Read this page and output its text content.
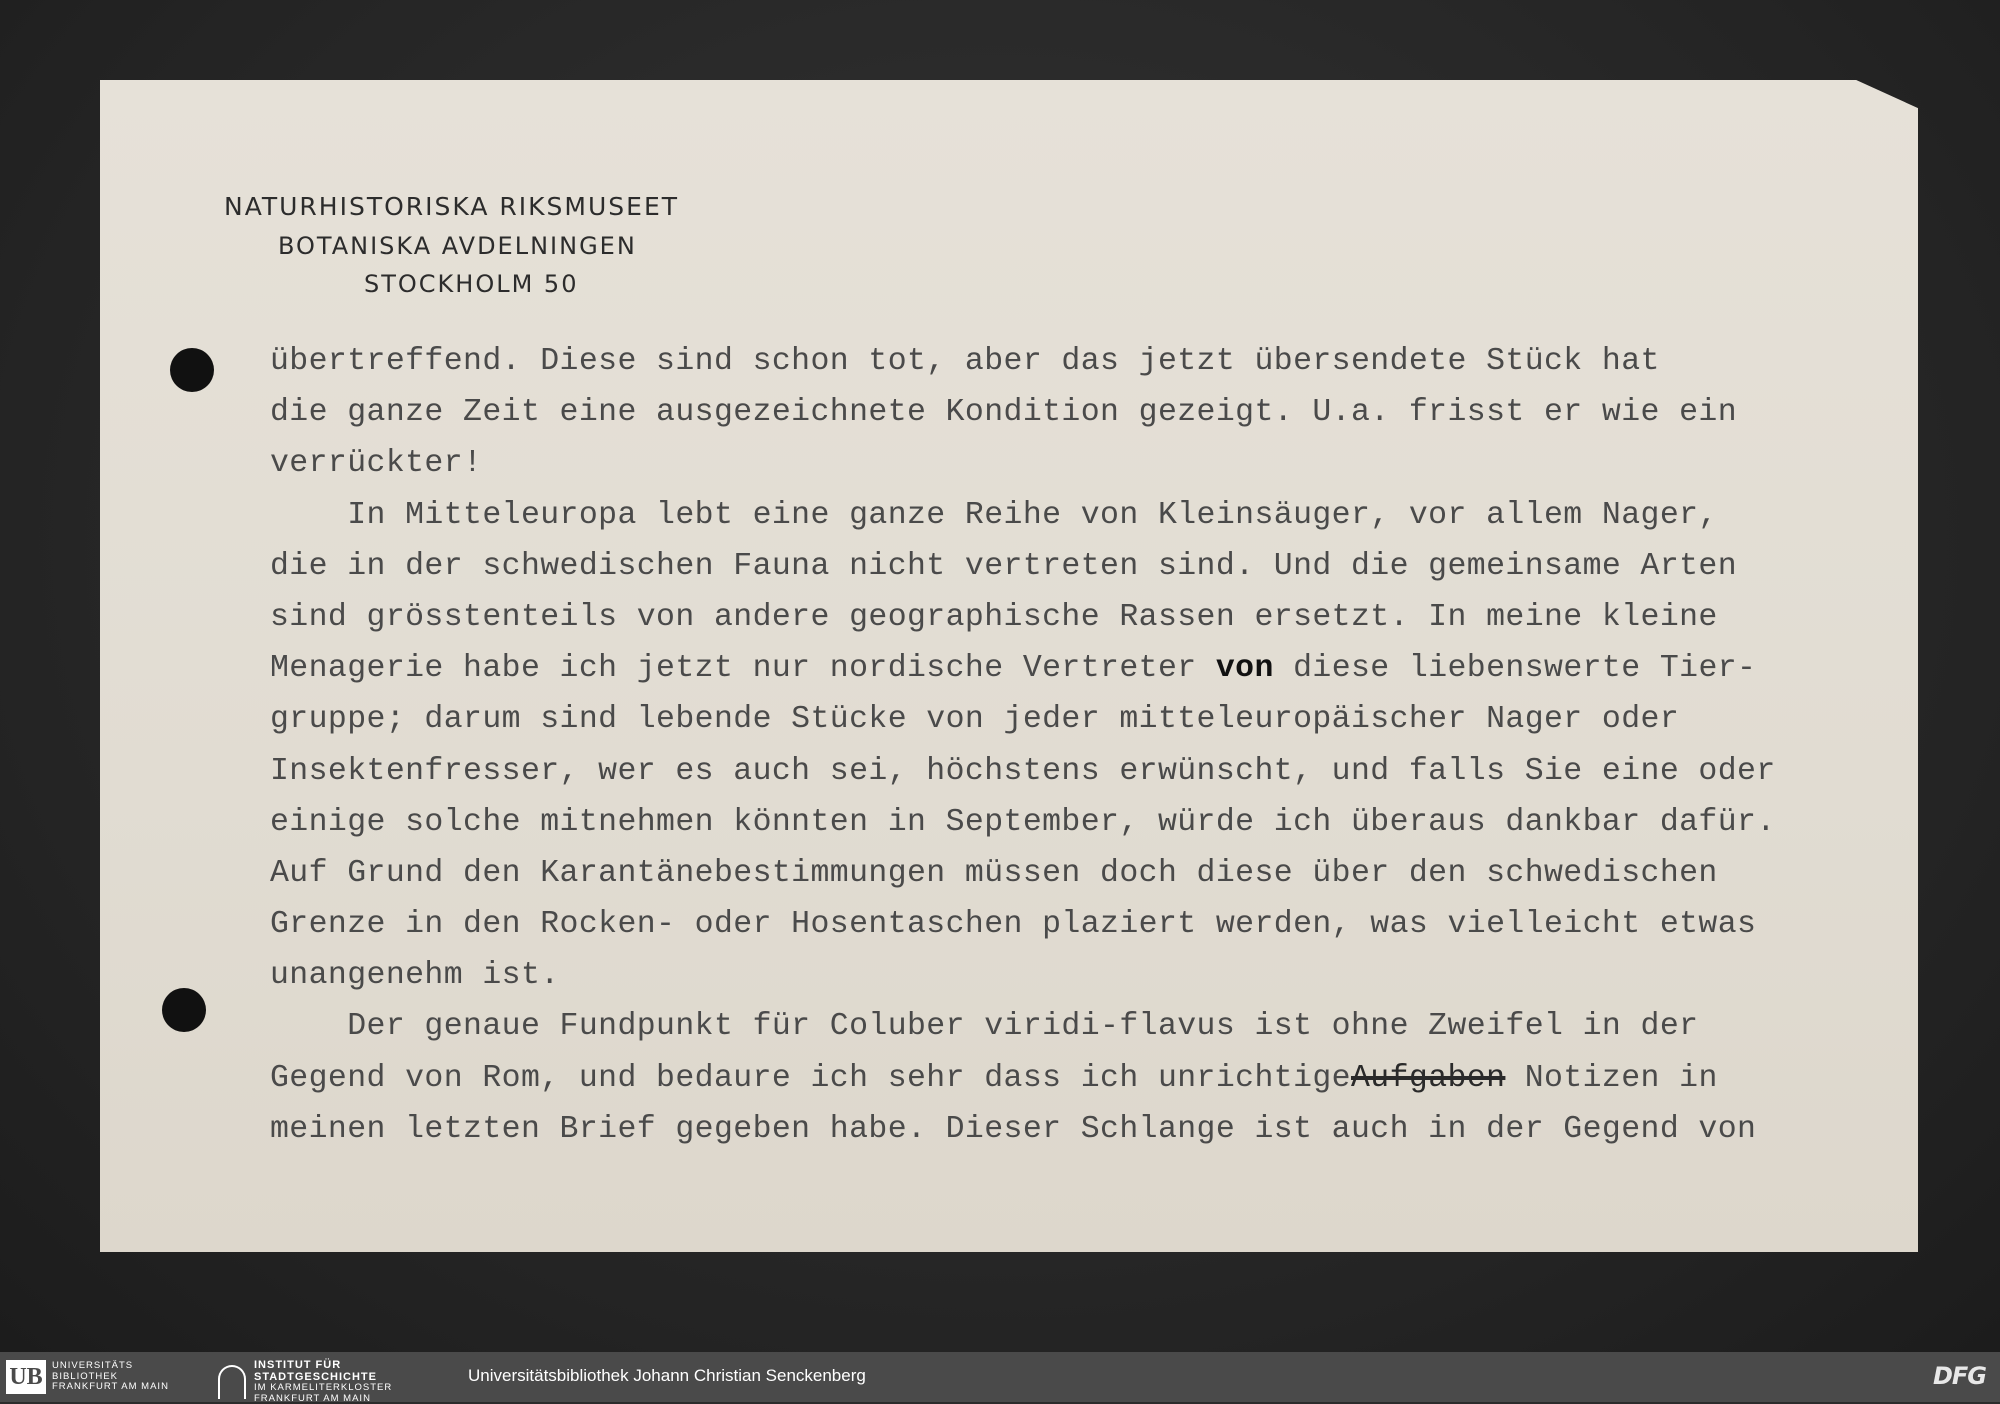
NATURHISTORISKA RIKSMUSEET
BOTANISKA AVDELNINGEN
STOCKHOLM 50
übertreffend. Diese sind schon tot, aber das jetzt übersendete Stück hat
die ganze Zeit eine ausgezeichnete Kondition gezeigt. U.a. frisst er wie ein
verrückter!
In Mitteleuropa lebt eine ganze Reihe von Kleinsäuger, vor allem Nager,
die in der schwedischen Fauna nicht vertreten sind. Und die gemeinsame Arten
sind grösstenteils von andere geographische Rassen ersetzt. In meine kleine
Menagerie habe ich jetzt nur nordische Vertreter von diese liebenswerte Tier-
gruppe; darum sind lebende Stücke von jeder mitteleuropäischer Nager oder
Insektenfresser, wer es auch sei, höchstens erwünscht, und falls Sie eine oder
einige solche mitnehmen könnten in September, würde ich überaus dankbar dafür.
Auf Grund den Karantänebestimmungen müssen doch diese über den schwedischen
Grenze in den Rocken- oder Hosentaschen plaziert werden, was vielleicht etwas
unangenehm ist.
Der genaue Fundpunkt für Coluber viridi-flavus ist ohne Zweifel in der
Gegend von Rom, und bedaure ich sehr dass ich unrichtigeAufgaben Notizen in
meinen letzten Brief gegeben habe. Dieser Schlange ist auch in der Gegend von
UB UNIVERSITÄTS
BIBLIOTHEK
FRANKFURT AM MAIN
INSTITUT FÜR
STADTGESCHICHTE
IM KARMELITERKLOSTER
FRANKFURT AM MAIN
Universitätsbibliothek Johann Christian Senckenberg	DFG
